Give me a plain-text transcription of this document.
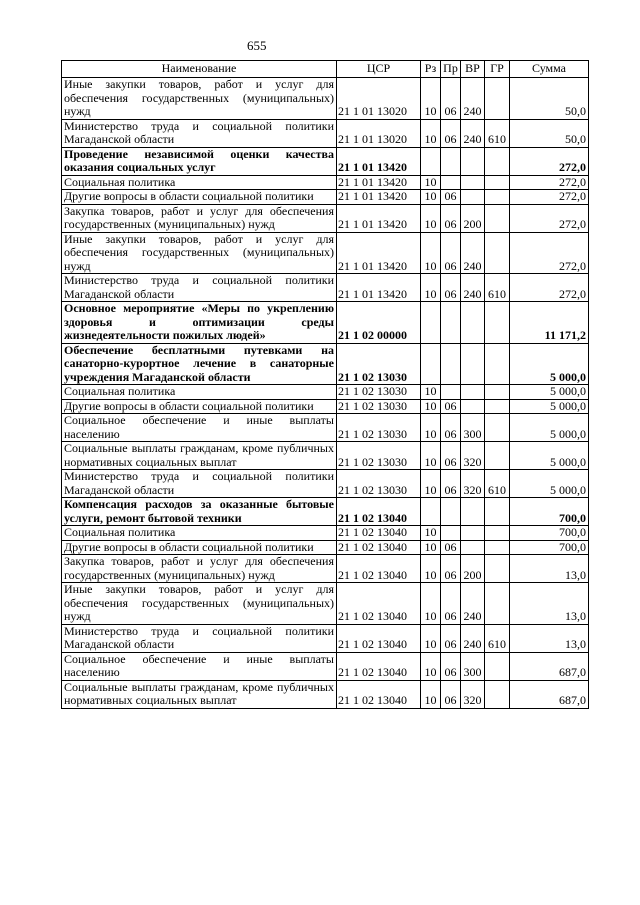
655
Наименование	ЦСР	Рз	Пр	ВР	ГР	Сумма
Иные закупки товаров, работ и услуг для обеспечения государственных (муниципальных) нужд	21 1 01 13020	10	06	240		50,0
Министерство труда и социальной политики Магаданской области	21 1 01 13020	10	06	240	610	50,0
Проведение независимой оценки качества оказания социальных услуг	21 1 01 13420					272,0
Социальная политика	21 1 01 13420	10				272,0
Другие вопросы в области социальной политики	21 1 01 13420	10	06			272,0
Закупка товаров, работ и услуг для обеспечения государственных (муниципальных) нужд	21 1 01 13420	10	06	200		272,0
Иные закупки товаров, работ и услуг для обеспечения государственных (муниципальных) нужд	21 1 01 13420	10	06	240		272,0
Министерство труда и социальной политики Магаданской области	21 1 01 13420	10	06	240	610	272,0
Основное мероприятие «Меры по укреплению здоровья и оптимизации среды жизнедеятельности пожилых людей»	21 1 02 00000					11 171,2
Обеспечение бесплатными путевками на санаторно-курортное лечение в санаторные учреждения Магаданской области	21 1 02 13030					5 000,0
Социальная политика	21 1 02 13030	10				5 000,0
Другие вопросы в области социальной политики	21 1 02 13030	10	06			5 000,0
Социальное обеспечение и иные выплаты населению	21 1 02 13030	10	06	300		5 000,0
Социальные выплаты гражданам, кроме публичных нормативных социальных выплат	21 1 02 13030	10	06	320		5 000,0
Министерство труда и социальной политики Магаданской области	21 1 02 13030	10	06	320	610	5 000,0
Компенсация расходов за оказанные бытовые услуги, ремонт бытовой техники	21 1 02 13040					700,0
Социальная политика	21 1 02 13040	10				700,0
Другие вопросы в области социальной политики	21 1 02 13040	10	06			700,0
Закупка товаров, работ и услуг для обеспечения государственных (муниципальных) нужд	21 1 02 13040	10	06	200		13,0
Иные закупки товаров, работ и услуг для обеспечения государственных (муниципальных) нужд	21 1 02 13040	10	06	240		13,0
Министерство труда и социальной политики Магаданской области	21 1 02 13040	10	06	240	610	13,0
Социальное обеспечение и иные выплаты населению	21 1 02 13040	10	06	300		687,0
Социальные выплаты гражданам, кроме публичных нормативных социальных выплат	21 1 02 13040	10	06	320		687,0
